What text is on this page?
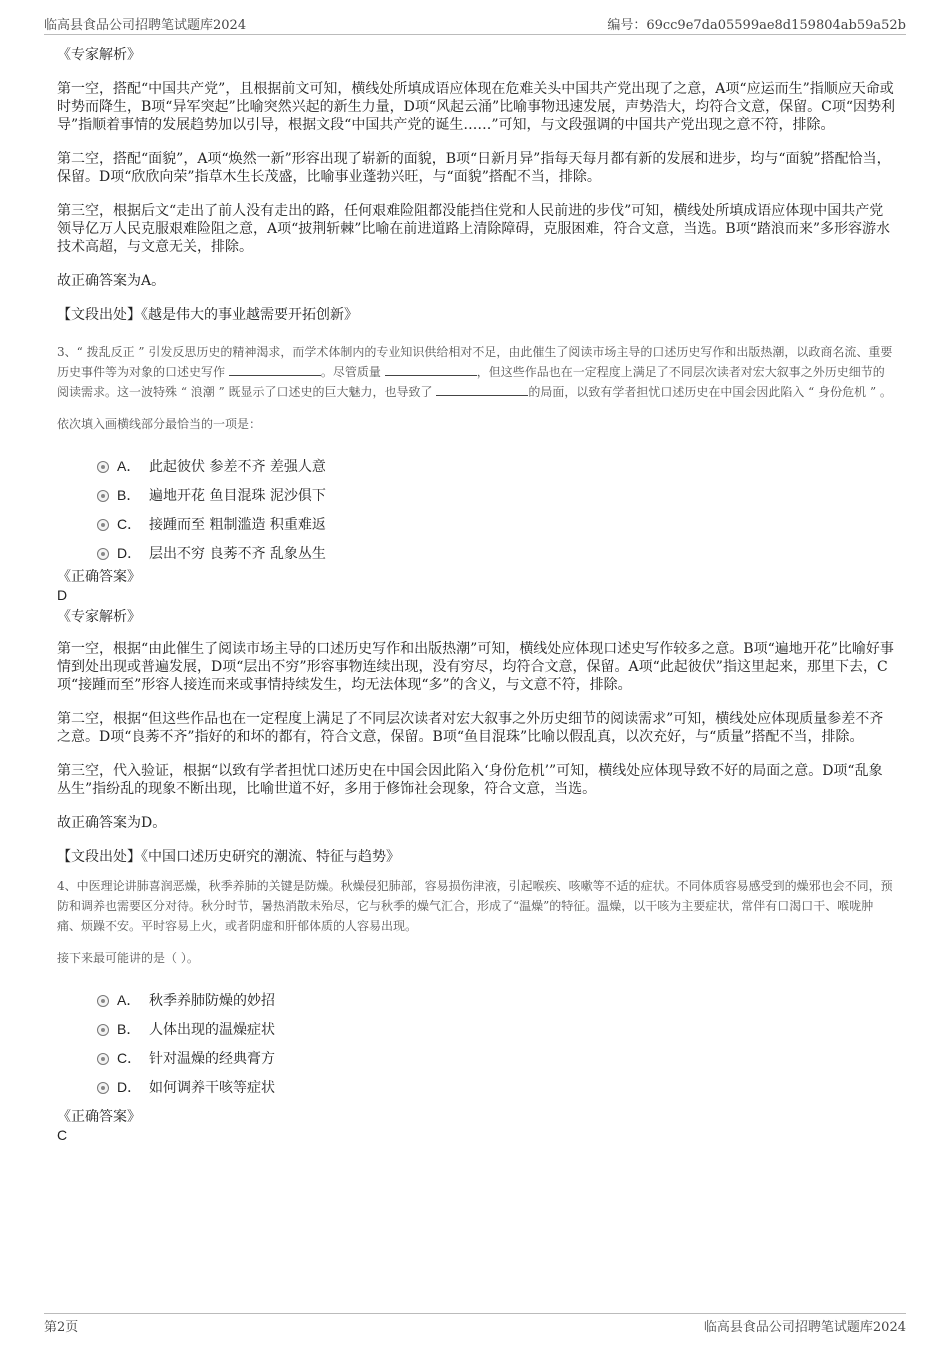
临高县食品公司招聘笔试题库2024	编号：69cc9e7da05599ae8d159804ab59a52b

《专家解析》

第一空，搭配“中国共产党”，且根据前文可知，横线处所填成语应体现在危难关头中国共产党出现了之意，A项“应运而生”指顺应天命或时势而降生，B项“异军突起”比喻突然兴起的新生力量，D项“风起云涌”比喻事物迅速发展，声势浩大，均符合文意，保留。C项“因势利导”指顺着事情的发展趋势加以引导，根据文段“中国共产党的诞生……”可知，与文段强调的中国共产党出现之意不符，排除。

第二空，搭配“面貌”，A项“焕然一新”形容出现了崭新的面貌，B项“日新月异”指每天每月都有新的发展和进步，均与“面貌”搭配恰当，保留。D项“欣欣向荣”指草木生长茂盛，比喻事业蓬勃兴旺，与“面貌”搭配不当，排除。

第三空，根据后文“走出了前人没有走出的路，任何艰难险阻都没能挡住党和人民前进的步伐”可知，横线处所填成语应体现中国共产党领导亿万人民克服艰难险阻之意，A项“披荆斩棘”比喻在前进道路上清除障碍，克服困难，符合文意，当选。B项“踏浪而来”多形容游水技术高超，与文意无关，排除。

故正确答案为A。

【文段出处】《越是伟大的事业越需要开拓创新》

3、“ 拨乱反正 ” 引发反思历史的精神渴求，而学术体制内的专业知识供给相对不足，由此催生了阅读市场主导的口述历史写作和出版热潮，以政商名流、重要历史事件等为对象的口述史写作	。尽管质量	，但这些作品也在一定程度上满足了不同层次读者对宏大叙事之外历史细节的阅读需求。这一波特殊 “ 浪潮 ” 既显示了口述史的巨大魅力，也导致了	的局面，以致有学者担忧口述历史在中国会因此陷入 “ 身份危机 ” 。

依次填入画横线部分最恰当的一项是：

A． 此起彼伏 参差不齐 差强人意
B． 遍地开花 鱼目混珠 泥沙俱下
C． 接踵而至 粗制滥造 积重难返
D． 层出不穷 良莠不齐 乱象丛生

《正确答案》

D

《专家解析》

第一空，根据“由此催生了阅读市场主导的口述历史写作和出版热潮”可知，横线处应体现口述史写作较多之意。B项“遍地开花”比喻好事情到处出现或普遍发展，D项“层出不穷”形容事物连续出现，没有穷尽，均符合文意，保留。A项“此起彼伏”指这里起来，那里下去，C项“接踵而至”形容人接连而来或事情持续发生，均无法体现“多”的含义，与文意不符，排除。

第二空，根据“但这些作品也在一定程度上满足了不同层次读者对宏大叙事之外历史细节的阅读需求”可知，横线处应体现质量参差不齐之意。D项“良莠不齐”指好的和坏的都有，符合文意，保留。B项“鱼目混珠”比喻以假乱真，以次充好，与“质量”搭配不当，排除。

第三空，代入验证，根据“以致有学者担忧口述历史在中国会因此陷入‘身份危机’”可知，横线处应体现导致不好的局面之意。D项“乱象丛生”指纷乱的现象不断出现，比喻世道不好，多用于修饰社会现象，符合文意，当选。

故正确答案为D。

【文段出处】《中国口述历史研究的潮流、特征与趋势》

4、中医理论讲肺喜润恶燥，秋季养肺的关键是防燥。秋燥侵犯肺部，容易损伤津液，引起喉疾、咳嗽等不适的症状。不同体质容易感受到的燥邪也会不同，预防和调养也需要区分对待。秋分时节，暑热消散未殆尽，它与秋季的燥气汇合，形成了“温燥”的特征。温燥，以干咳为主要症状，常伴有口渴口干、喉咙肿痛、烦躁不安。平时容易上火，或者阴虚和肝郁体质的人容易出现。

接下来最可能讲的是（ ）。

A． 秋季养肺防燥的妙招
B． 人体出现的温燥症状
C． 针对温燥的经典膏方
D． 如何调养干咳等症状

《正确答案》

C

第2页	临高县食品公司招聘笔试题库2024
